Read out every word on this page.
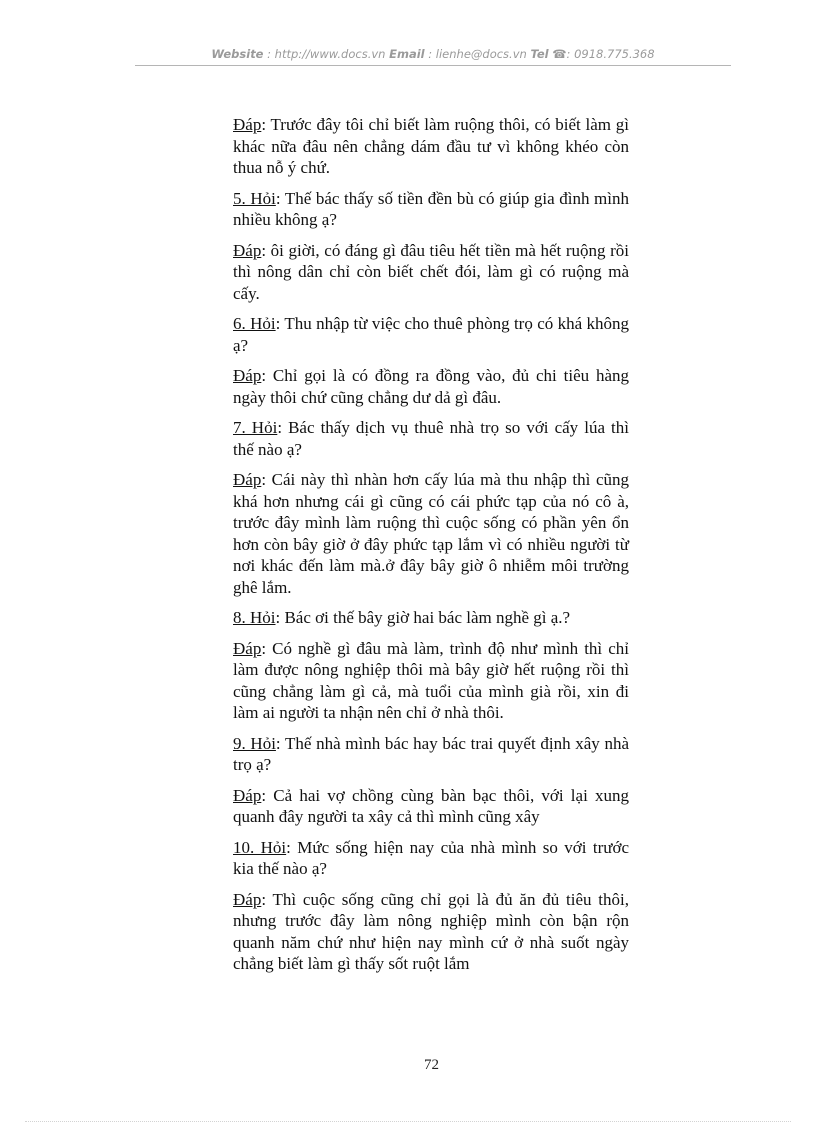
Website : http://www.docs.vn Email : lienhe@docs.vn Tel ☎: 0918.775.368

Đáp: Trước đây tôi chỉ biết làm ruộng thôi, có biết làm gì khác nữa đâu nên chẳng dám đầu tư vì không khéo còn thua nỗ ý chứ.

5. Hỏi: Thế bác thấy số tiền đền bù có giúp gia đình mình nhiều không ạ?

Đáp: ôi giời, có đáng gì đâu tiêu hết tiền mà hết ruộng rồi thì nông dân chỉ còn biết chết đói, làm gì có ruộng mà cấy.

6. Hỏi: Thu nhập từ việc cho thuê phòng trọ có khá không ạ?

Đáp: Chỉ gọi là có đồng ra đồng vào, đủ chi tiêu hàng ngày thôi chứ cũng chẳng dư dả gì đâu.

7. Hỏi: Bác thấy dịch vụ thuê nhà trọ so với cấy lúa thì thế nào ạ?

Đáp: Cái này thì nhàn hơn cấy lúa mà thu nhập thì cũng khá hơn nhưng cái gì cũng có cái phức tạp của nó cô à, trước đây mình làm ruộng thì cuộc sống có phần yên ổn hơn còn bây giờ ở đây phức tạp lắm vì có nhiều người từ nơi khác đến làm mà.ở đây bây giờ ô nhiễm môi trường ghê lắm.

8. Hỏi: Bác ơi thế bây giờ hai bác làm nghề gì ạ.?

Đáp: Có nghề gì đâu mà làm, trình độ như mình thì chỉ làm được nông nghiệp thôi mà bây giờ hết ruộng rồi thì cũng chẳng làm gì cả, mà tuổi của mình già rồi, xin đi làm ai người ta nhận nên chỉ ở nhà thôi.

9. Hỏi: Thế nhà mình bác hay bác trai quyết định xây nhà trọ ạ?

Đáp: Cả hai vợ chồng cùng bàn bạc thôi, với lại xung quanh đây người ta xây cả thì mình cũng xây

10. Hỏi: Mức sống hiện nay của nhà mình so với trước kia thế nào ạ?

Đáp: Thì cuộc sống cũng chỉ gọi là đủ ăn đủ tiêu thôi, nhưng trước đây làm nông nghiệp mình còn bận rộn quanh năm chứ như hiện nay mình cứ ở nhà suốt ngày chẳng biết làm gì thấy sốt ruột lắm

72
